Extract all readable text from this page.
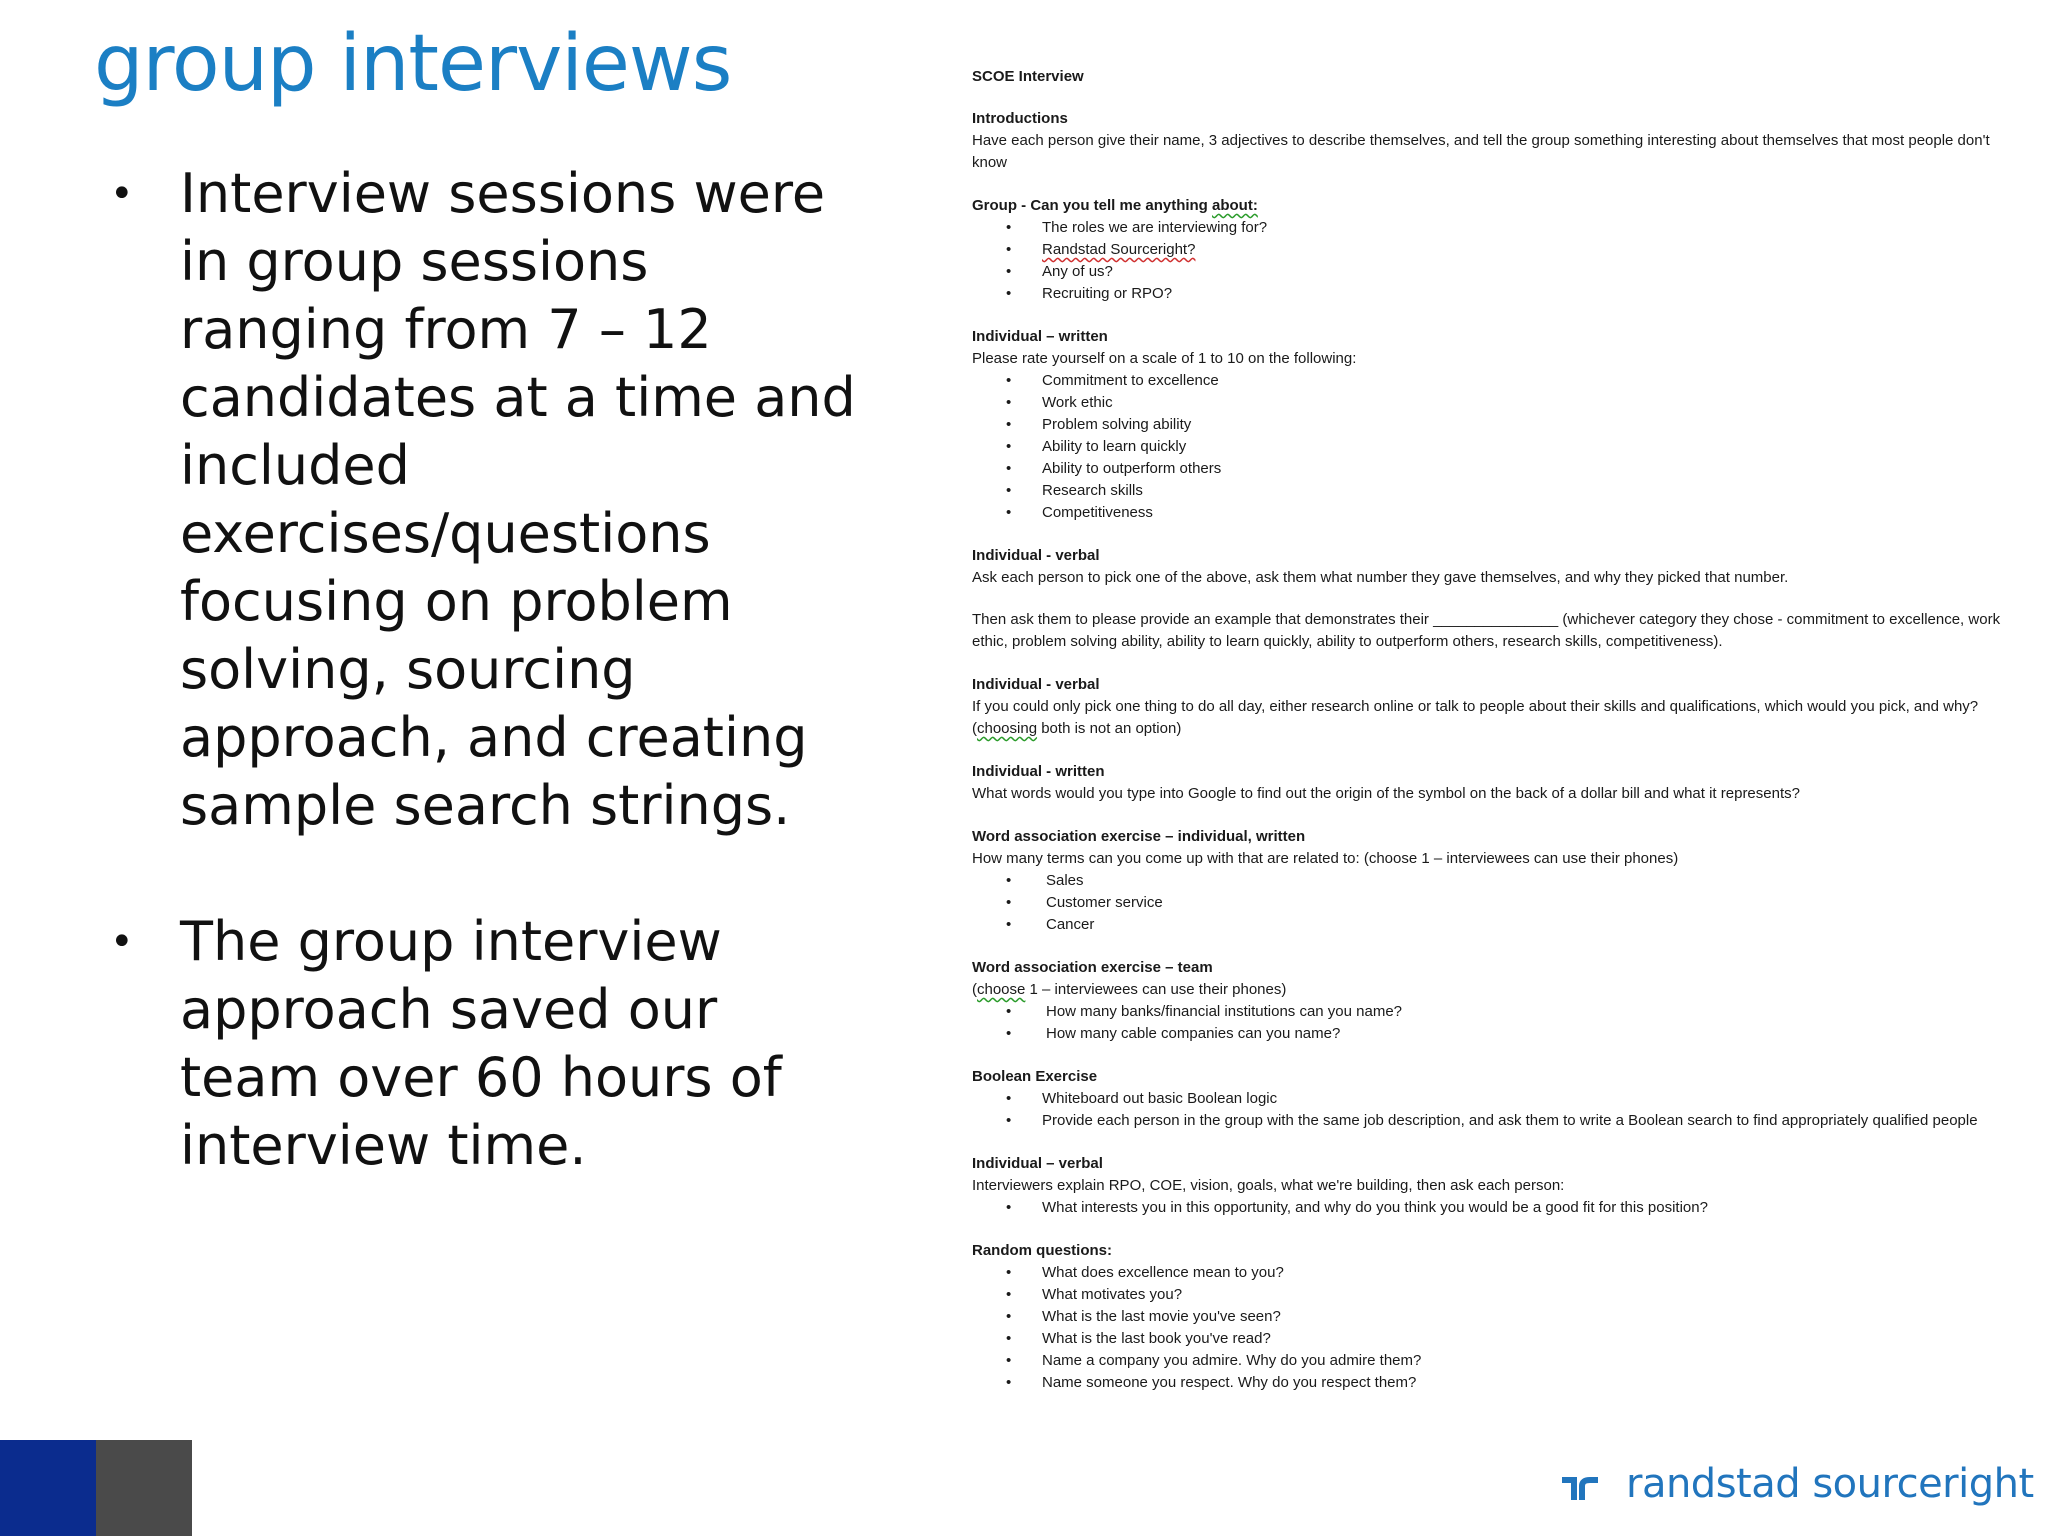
group interviews
• Interview sessions were in group sessions ranging from 7 – 12 candidates at a time and included exercises/questions focusing on problem solving, sourcing approach, and creating sample search strings.
• The group interview approach saved our team over 60 hours of interview time.
SCOE Interview
Introductions
Have each person give their name, 3 adjectives to describe themselves, and tell the group something interesting about themselves that most people don't know
Group - Can you tell me anything about:
• The roles we are interviewing for?
• Randstad Sourceright?
• Any of us?
• Recruiting or RPO?
Individual – written
Please rate yourself on a scale of 1 to 10 on the following:
• Commitment to excellence
• Work ethic
• Problem solving ability
• Ability to learn quickly
• Ability to outperform others
• Research skills
• Competitiveness
Individual - verbal
Ask each person to pick one of the above, ask them what number they gave themselves, and why they picked that number.
Then ask them to please provide an example that demonstrates their _______________ (whichever category they chose - commitment to excellence, work ethic, problem solving ability, ability to learn quickly, ability to outperform others, research skills, competitiveness).
Individual - verbal
If you could only pick one thing to do all day, either research online or talk to people about their skills and qualifications, which would you pick, and why? (choosing both is not an option)
Individual - written
What words would you type into Google to find out the origin of the symbol on the back of a dollar bill and what it represents?
Word association exercise – individual, written
How many terms can you come up with that are related to: (choose 1 – interviewees can use their phones)
• Sales
• Customer service
• Cancer
Word association exercise – team
(choose 1 – interviewees can use their phones)
• How many banks/financial institutions can you name?
• How many cable companies can you name?
Boolean Exercise
• Whiteboard out basic Boolean logic
• Provide each person in the group with the same job description, and ask them to write a Boolean search to find appropriately qualified people
Individual – verbal
Interviewers explain RPO, COE, vision, goals, what we're building, then ask each person:
• What interests you in this opportunity, and why do you think you would be a good fit for this position?
Random questions:
• What does excellence mean to you?
• What motivates you?
• What is the last movie you've seen?
• What is the last book you've read?
• Name a company you admire. Why do you admire them?
• Name someone you respect. Why do you respect them?
randstad sourceright
